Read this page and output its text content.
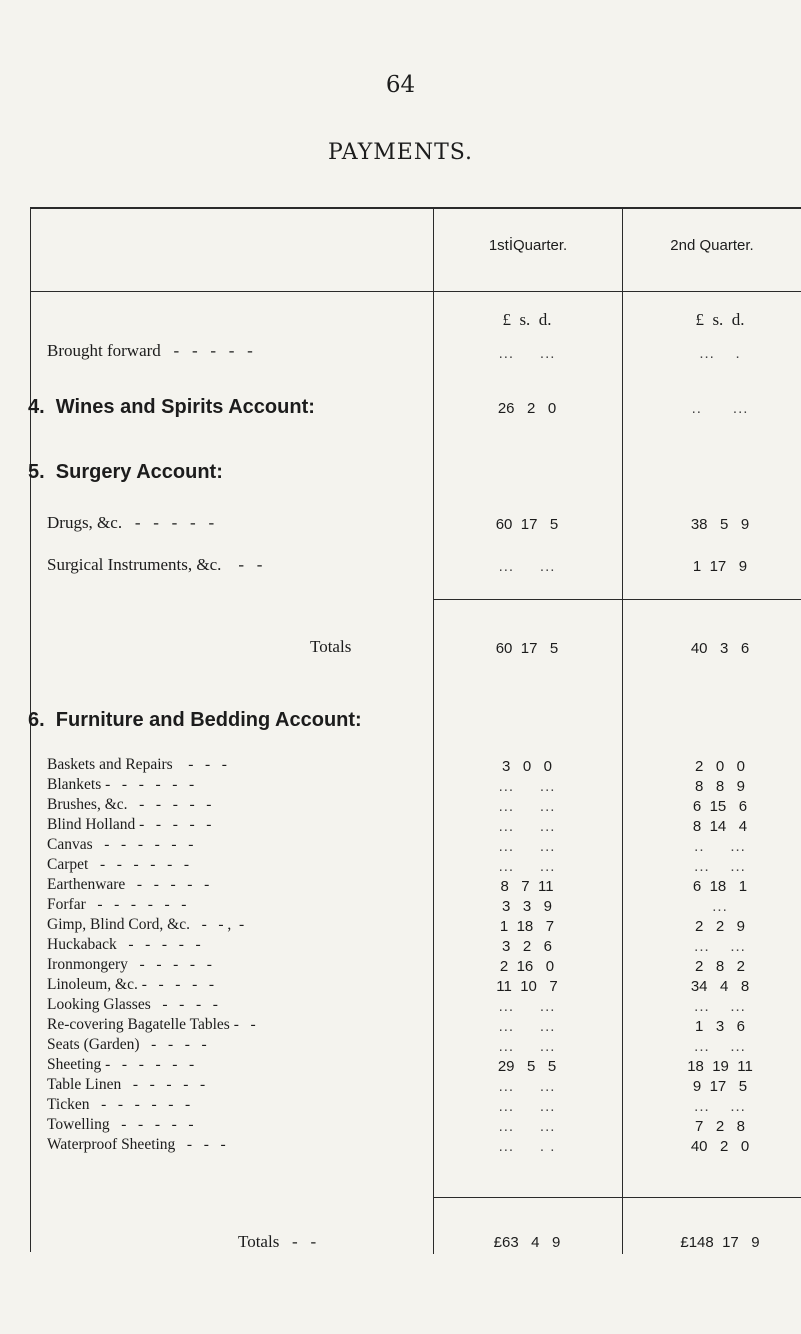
64
PAYMENTS.
1stİQuarter.	2nd Quarter.
£  s.  d.	£  s.  d.
Brought forward   -   -   -   -   -	...     ...	...    .
4.  Wines and Spirits Account:	26   2   0	..      ...
5.  Surgery Account:
Drugs, &c.   -   -   -   -   -	60  17   5	38   5   9
Surgical Instruments, &c.    -   -	...     ...	1  17   9
Totals	60  17   5	40   3   6
6.  Furniture and Bedding Account:
Baskets and Repairs    -   -   -	3   0   0	2   0   0
Blankets -   -   -   -   -   -	...     ...	8   8   9
Brushes, &c.   -   -   -   -   -	...     ...	6  15   6
Blind Holland -   -   -   -   -	...     ...	8  14   4
Canvas   -   -   -   -   -   -	...     ...	..     ...
Carpet   -   -   -   -   -   -	...     ...	...    ...
Earthenware   -   -   -   -   -	8   7  11	6  18   1
Forfar   -   -   -   -   -   -	3   3   9	...
Gimp, Blind Cord, &c.   -   - ,  -	1  18   7	2   2   9
Huckaback   -   -   -   -   -	3   2   6	...    ...
Ironmongery   -   -   -   -   -	2  16   0	2   8   2
Linoleum, &c. -   -   -   -   -	11  10   7	34   4   8
Looking Glasses   -   -   -   -	...     ...	...    ...
Re-covering Bagatelle Tables -   -	...     ...	1   3   6
Seats (Garden)   -   -   -   -	...     ...	...    ...
Sheeting -   -   -   -   -   -	29   5   5	18  19  11
Table Linen   -   -   -   -   -	...     ...	9  17   5
Ticken   -   -   -   -   -   -	...     ...	...    ...
Towelling   -   -   -   -   -	...     ...	7   2   8
Waterproof Sheeting   -   -   -	...     . .	40   2   0
Totals   -   -	£63   4   9	£148  17   9
